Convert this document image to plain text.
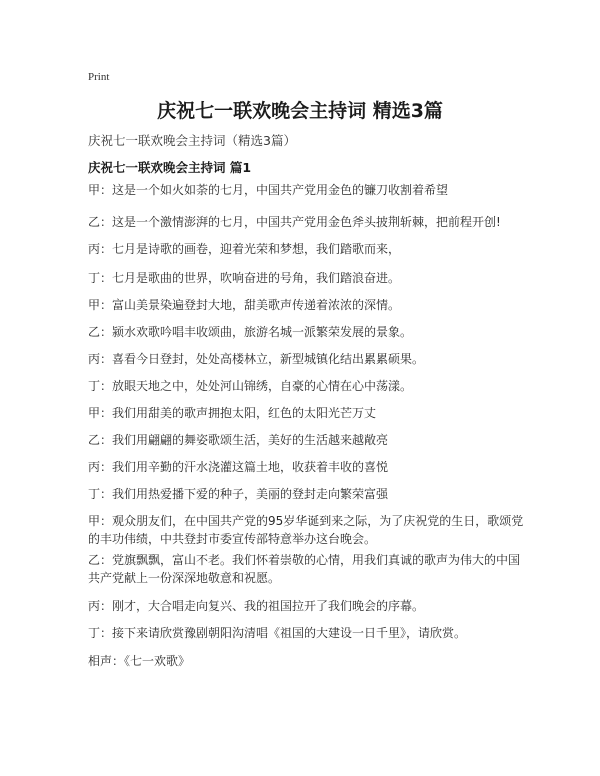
Print
庆祝七一联欢晚会主持词 精选3篇
庆祝七一联欢晚会主持词（精选3篇）
庆祝七一联欢晚会主持词 篇1
甲：这是一个如火如荼的七月，中国共产党用金色的镰刀收割着希望
乙：这是一个激情澎湃的七月，中国共产党用金色斧头披荆斩棘，把前程开创!
丙：七月是诗歌的画卷，迎着光荣和梦想，我们踏歌而来，
丁：七月是歌曲的世界，吹响奋进的号角，我们踏浪奋进。
甲：富山美景染遍登封大地，甜美歌声传递着浓浓的深情。
乙：颍水欢歌吟唱丰收颂曲，旅游名城一派繁荣发展的景象。
丙：喜看今日登封，处处高楼林立，新型城镇化结出累累硕果。
丁：放眼天地之中，处处河山锦绣，自豪的心情在心中荡漾。
甲：我们用甜美的歌声拥抱太阳，红色的太阳光芒万丈
乙：我们用翩翩的舞姿歌颂生活，美好的生活越来越敞亮
丙：我们用辛勤的汗水浇灌这篇土地，收获着丰收的喜悦
丁：我们用热爱播下爱的种子，美丽的登封走向繁荣富强
甲：观众朋友们，在中国共产党的95岁华诞到来之际，为了庆祝党的生日，歌颂党的丰功伟绩，中共登封市委宣传部特意举办这台晚会。
乙：党旗飘飘，富山不老。我们怀着崇敬的心情，用我们真诚的歌声为伟大的中国共产党献上一份深深地敬意和祝愿。
丙：刚才，大合唱走向复兴、我的祖国拉开了我们晚会的序幕。
丁：接下来请欣赏豫剧朝阳沟清唱《祖国的大建设一日千里》，请欣赏。
相声：《七一欢歌》
